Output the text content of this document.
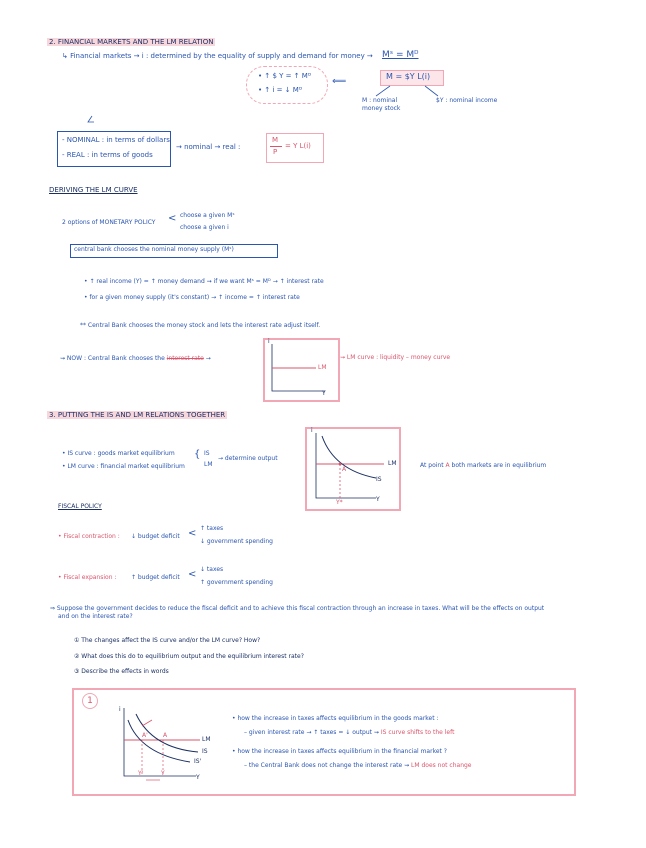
2. FINANCIAL MARKETS AND THE LM RELATION
↳ Financial markets → i : determined by the equality of supply and demand for money → Mˢ = Mᴰ
• ↑ $ Y = ↑ Mᴰ
• ↑ i = ↓ Mᴰ
⟸	M = $Y L(i)
M : nominal money stock
$Y : nominal income
- NOMINAL : in terms of dollars
- REAL : in terms of goods
→ nominal → real :
M
P
= Y L(i)
DERIVING THE LM CURVE
2 options of MONETARY POLICY < choose a given Mˢ
choose a given i
central bank chooses the nominal money supply (Mˢ)
• ↑ real income (Y) = ↑ money demand ⇝ if we want Mˢ = Mᴰ → ↑ interest rate
• for a given money supply (it's constant) → ↑ income = ↑ interest rate
** Central Bank chooses the money stock and lets the interest rate adjust itself.
⇝ NOW : Central Bank chooses the interest rate →
i
LM
Y
⇝ LM curve : liquidity – money curve
3. PUTTING THE IS AND LM RELATIONS TOGETHER
• IS curve : goods market equilibrium
• LM curve : financial market equilibrium
{ IS
LM
→ determine output
i
LM
A
IS
Y
Y*
At point A both markets are in equilibrium
FISCAL POLICY
• Fiscal contraction : ↓ budget deficit < ↑ taxes
↓ government spending
• Fiscal expansion : ↑ budget deficit < ↓ taxes
↑ government spending
⇒ Suppose the government decides to reduce the fiscal deficit and to achieve this fiscal contraction through an increase in taxes. What will be the effects on output
and on the interest rate?
① The changes affect the IS curve and/or the LM curve? How?
② What does this do to equilibrium output and the equilibrium interest rate?
③ Describe the effects in words
1
i
A'	A
LM
IS
IS'
Y'	Y
Y
• how the increase in taxes affects equilibrium in the goods market :
– given interest rate → ↑ taxes = ↓ output ⇝ IS curve shifts to the left
• how the increase in taxes affects equilibrium in the financial market ?
– the Central Bank does not change the interest rate ⇝ LM does not change
